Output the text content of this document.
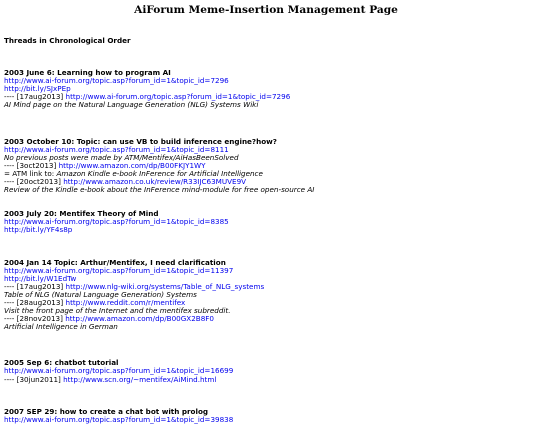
AiForum Meme-Insertion Management Page
Threads in Chronological Order
2003 June 6: Learning how to program AI
http://www.ai-forum.org/topic.asp?forum_id=1&topic_id=7296
http://bit.ly/SJxPEp
---- [17aug2013] http://www.ai-forum.org/topic.asp?forum_id=1&topic_id=7296
AI Mind page on the Natural Language Generation (NLG) Systems Wiki
2003 October 10: Topic: can use VB to build inference engine?how?
http://www.ai-forum.org/topic.asp?forum_id=1&topic_id=8111
No previous posts were made by ATM/Mentifex/AiHasBeenSolved
---- [3oct2013] http://www.amazon.com/dp/B00FKJY1WY
= ATM link to: Amazon Kindle e-book InFerence for Artificial Intelligence
---- [20oct2013] http://www.amazon.co.uk/review/R33IJC63MUVE9V
Review of the Kindle e-book about the InFerence mind-module for free open-source AI
2003 July 20: Mentifex Theory of Mind
http://www.ai-forum.org/topic.asp?forum_id=1&topic_id=8385
http://bit.ly/YF4s8p
2004 Jan 14 Topic: Arthur/Mentifex, I need clarification
http://www.ai-forum.org/topic.asp?forum_id=1&topic_id=11397
http://bit.ly/W1EdTw
---- [17aug2013] http://www.nlg-wiki.org/systems/Table_of_NLG_systems
Table of NLG (Natural Language Generation) Systems
---- [28aug2013] http://www.reddit.com/r/mentifex
Visit the front page of the Internet and the mentifex subreddit.
---- [28nov2013] http://www.amazon.com/dp/B00GX2B8F0
Artificial Intelligence in German
2005 Sep 6: chatbot tutorial
http://www.ai-forum.org/topic.asp?forum_id=1&topic_id=16699
---- [30jun2011] http://www.scn.org/~mentifex/AiMind.html
2007 SEP 29: how to create a chat bot with prolog
http://www.ai-forum.org/topic.asp?forum_id=1&topic_id=39838
